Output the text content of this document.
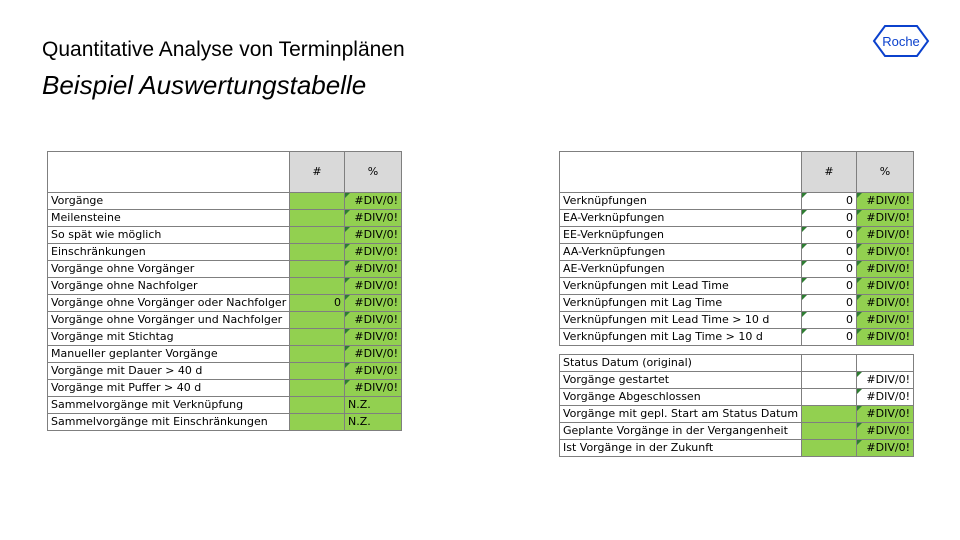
Quantitative Analyse von Terminplänen
Beispiel Auswertungstabelle
Roche
	#	%
Vorgänge		#DIV/0!
Meilensteine		#DIV/0!
So spät wie möglich		#DIV/0!
Einschränkungen		#DIV/0!
Vorgänge ohne Vorgänger		#DIV/0!
Vorgänge ohne Nachfolger		#DIV/0!
Vorgänge ohne Vorgänger oder Nachfolger	0	#DIV/0!
Vorgänge ohne Vorgänger und Nachfolger		#DIV/0!
Vorgänge mit Stichtag		#DIV/0!
Manueller geplanter Vorgänge		#DIV/0!
Vorgänge mit Dauer > 40 d		#DIV/0!
Vorgänge mit Puffer > 40 d		#DIV/0!
Sammelvorgänge mit Verknüpfung		N.Z.
Sammelvorgänge mit Einschränkungen		N.Z.
	#	%
Verknüpfungen	0	#DIV/0!
EA-Verknüpfungen	0	#DIV/0!
EE-Verknüpfungen	0	#DIV/0!
AA-Verknüpfungen	0	#DIV/0!
AE-Verknüpfungen	0	#DIV/0!
Verknüpfungen mit Lead Time	0	#DIV/0!
Verknüpfungen mit Lag Time	0	#DIV/0!
Verknüpfungen mit Lead Time > 10 d	0	#DIV/0!
Verknüpfungen mit Lag Time > 10 d	0	#DIV/0!

Status Datum (original)		
Vorgänge gestartet		#DIV/0!
Vorgänge Abgeschlossen		#DIV/0!
Vorgänge mit gepl. Start am Status Datum		#DIV/0!
Geplante Vorgänge in der Vergangenheit		#DIV/0!
Ist Vorgänge in der Zukunft		#DIV/0!
